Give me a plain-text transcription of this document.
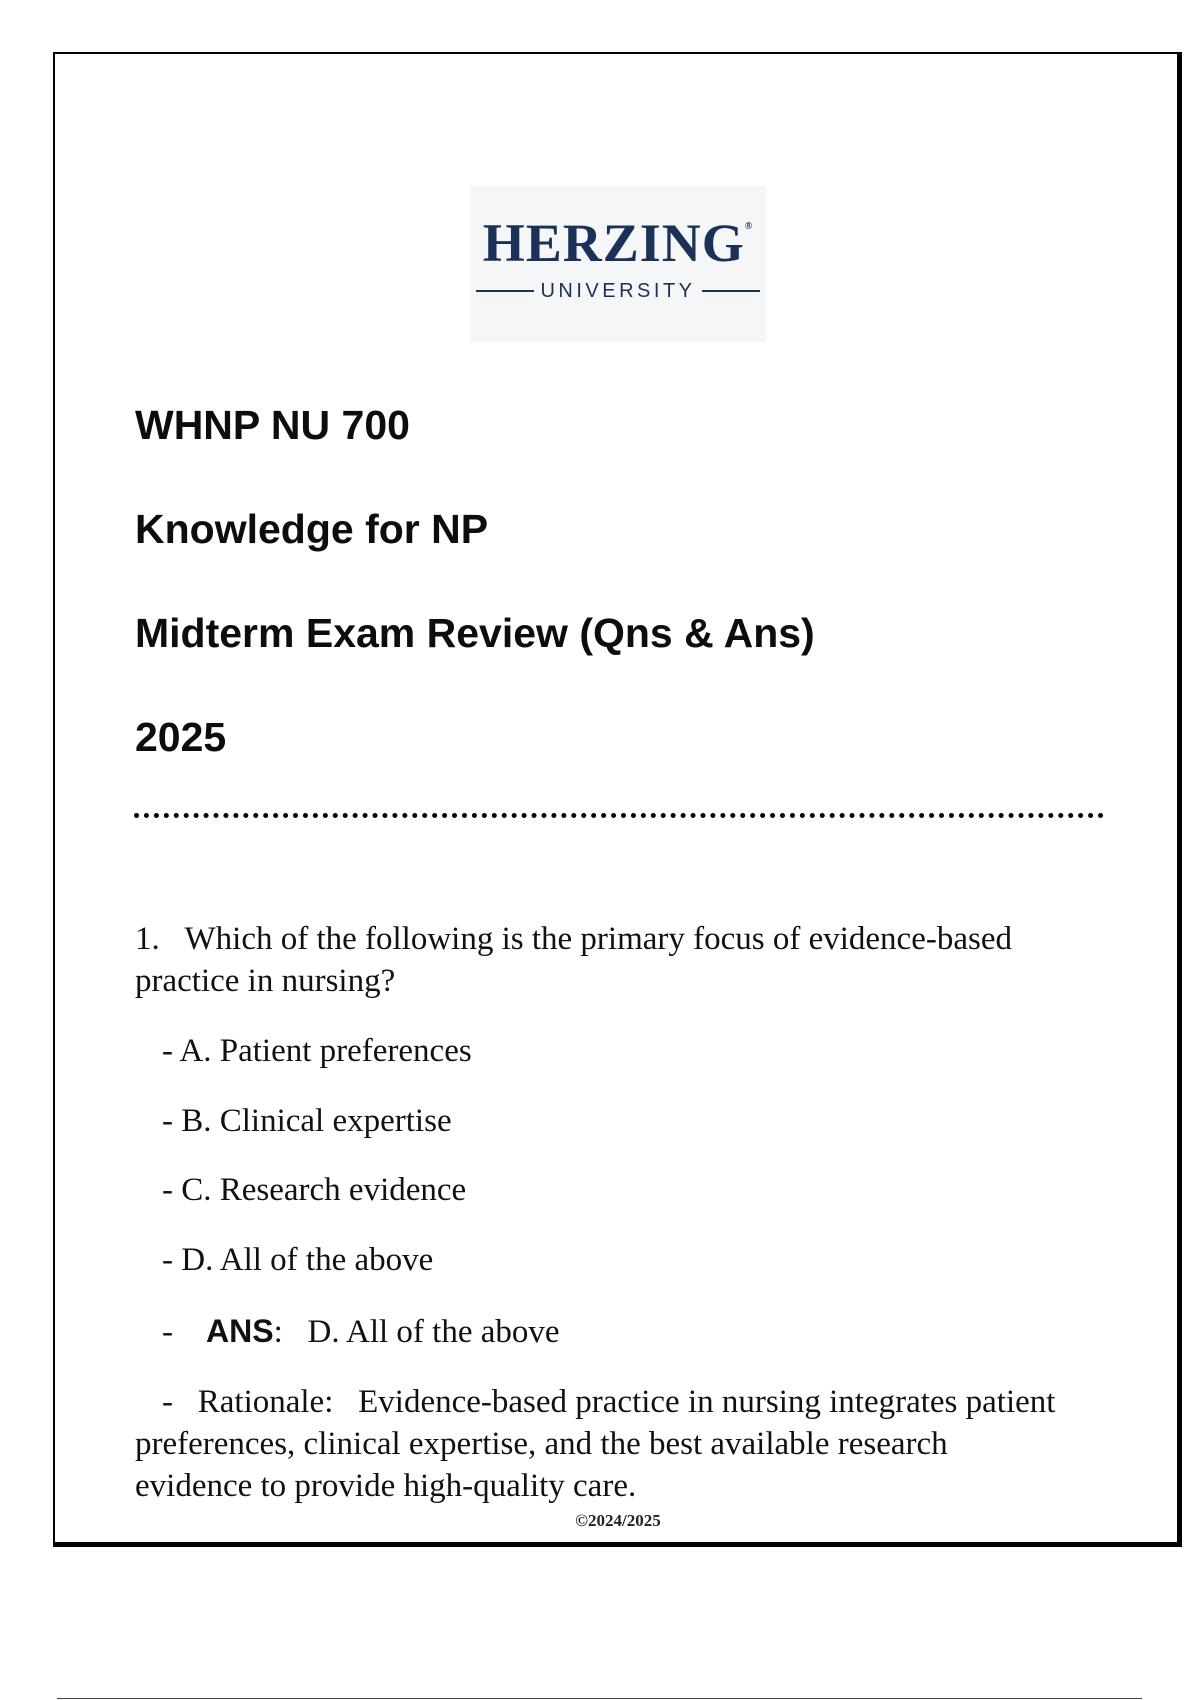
HERZING®
UNIVERSITY
WHNP NU 700
Knowledge for NP
Midterm Exam Review (Qns & Ans)
2025
1. Which of the following is the primary focus of evidence-based practice in nursing?
- A. Patient preferences
- B. Clinical expertise
- C. Research evidence
- D. All of the above
- ANS: D. All of the above
- Rationale: Evidence-based practice in nursing integrates patient preferences, clinical expertise, and the best available research evidence to provide high-quality care.
©2024/2025
